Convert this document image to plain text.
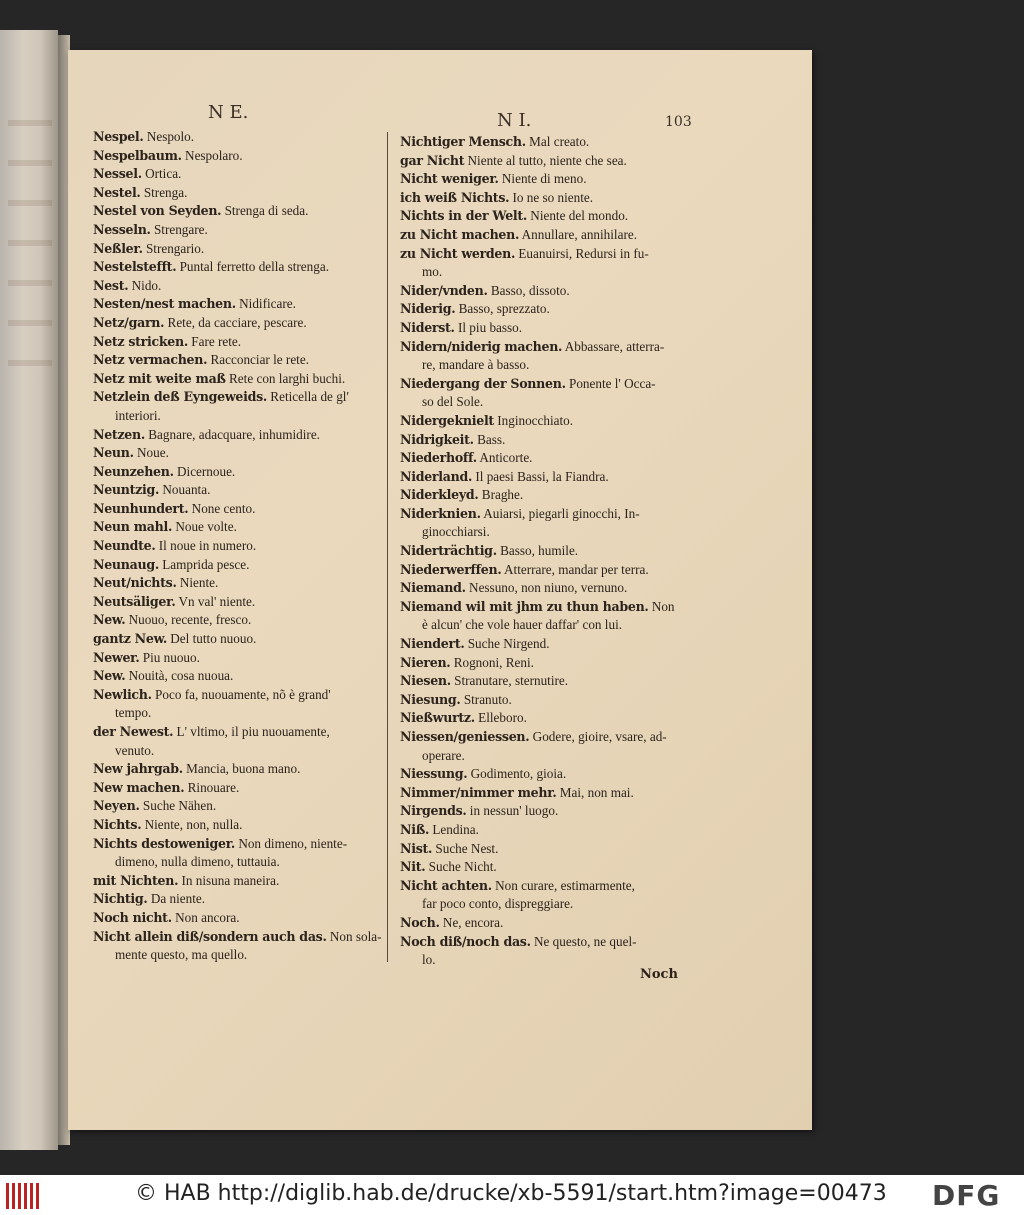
N E.	N I.	103

Nespel. Nespolo.

Nespelbaum. Nespolaro.

Nessel. Ortica.

Nestel. Strenga.

Nestel von Seyden. Strenga di seda.

Nesseln. Strengare.

Neßler. Strengario.

Nestelstefft. Puntal ferretto della strenga.

Nest. Nido.

Nesten/nest machen. Nidificare.

Netz/garn. Rete, da cacciare, pescare.

Netz stricken. Fare rete.

Netz vermachen. Racconciar le rete.

Netz mit weite maß Rete con larghi buchi.

Netzlein deß Eyngeweids. Reticella de gl'

interiori.

Netzen. Bagnare, adacquare, inhumidire.

Neun. Noue.

Neunzehen. Dicernoue.

Neuntzig. Nouanta.

Neunhundert. None cento.

Neun mahl. Noue volte.

Neundte. Il noue in numero.

Neunaug. Lamprida pesce.

Neut/nichts. Niente.

Neutsäliger. Vn val' niente.

New. Nuouo, recente, fresco.

gantz New. Del tutto nuouo.

Newer. Piu nuouo.

New. Nouità, cosa nuoua.

Newlich. Poco fa, nuouamente, nõ è grand'

tempo.

der Newest. L' vltimo, il piu nuouamente,

venuto.

New jahrgab. Mancia, buona mano.

New machen. Rinouare.

Neyen. Suche Nähen.

Nichts. Niente, non, nulla.

Nichts destoweniger. Non dimeno, niente-

dimeno, nulla dimeno, tuttauia.

mit Nichten. In nisuna maneira.

Nichtig. Da niente.

Noch nicht. Non ancora.

Nicht allein diß/sondern auch das. Non sola-

mente questo, ma quello.

Nichtiger Mensch. Mal creato.

gar Nicht Niente al tutto, niente che sea.

Nicht weniger. Niente di meno.

ich weiß Nichts. Io ne so niente.

Nichts in der Welt. Niente del mondo.

zu Nicht machen. Annullare, annihilare.

zu Nicht werden. Euanuirsi, Redursi in fu-

mo.

Nider/vnden. Basso, dissoto.

Niderig. Basso, sprezzato.

Niderst. Il piu basso.

Nidern/niderig machen. Abbassare, atterra-

re, mandare à basso.

Niedergang der Sonnen. Ponente l' Occa-

so del Sole.

Nidergeknielt Inginocchiato.

Nidrigkeit. Bass.

Niederhoff. Anticorte.

Niderland. Il paesi Bassi, la Fiandra.

Niderkleyd. Braghe.

Niderknien. Auiarsi, piegarli ginocchi, In-

ginocchiarsi.

Niderträchtig. Basso, humile.

Niederwerffen. Atterrare, mandar per terra.

Niemand. Nessuno, non niuno, vernuno.

Niemand wil mit jhm zu thun haben. Non

è alcun' che vole hauer daffar' con lui.

Niendert. Suche Nirgend.

Nieren. Rognoni, Reni.

Niesen. Stranutare, sternutire.

Niesung. Stranuto.

Nießwurtz. Elleboro.

Niessen/geniessen. Godere, gioire, vsare, ad-

operare.

Niessung. Godimento, gioia.

Nimmer/nimmer mehr. Mai, non mai.

Nirgends. in nessun' luogo.

Niß. Lendina.

Nist. Suche Nest.

Nit. Suche Nicht.

Nicht achten. Non curare, estimarmente,

far poco conto, dispreggiare.

Noch. Ne, encora.

Noch diß/noch das. Ne questo, ne quel-

lo.

Noch
© HAB http://diglib.hab.de/drucke/xb-5591/start.htm?image=00473 DFG
